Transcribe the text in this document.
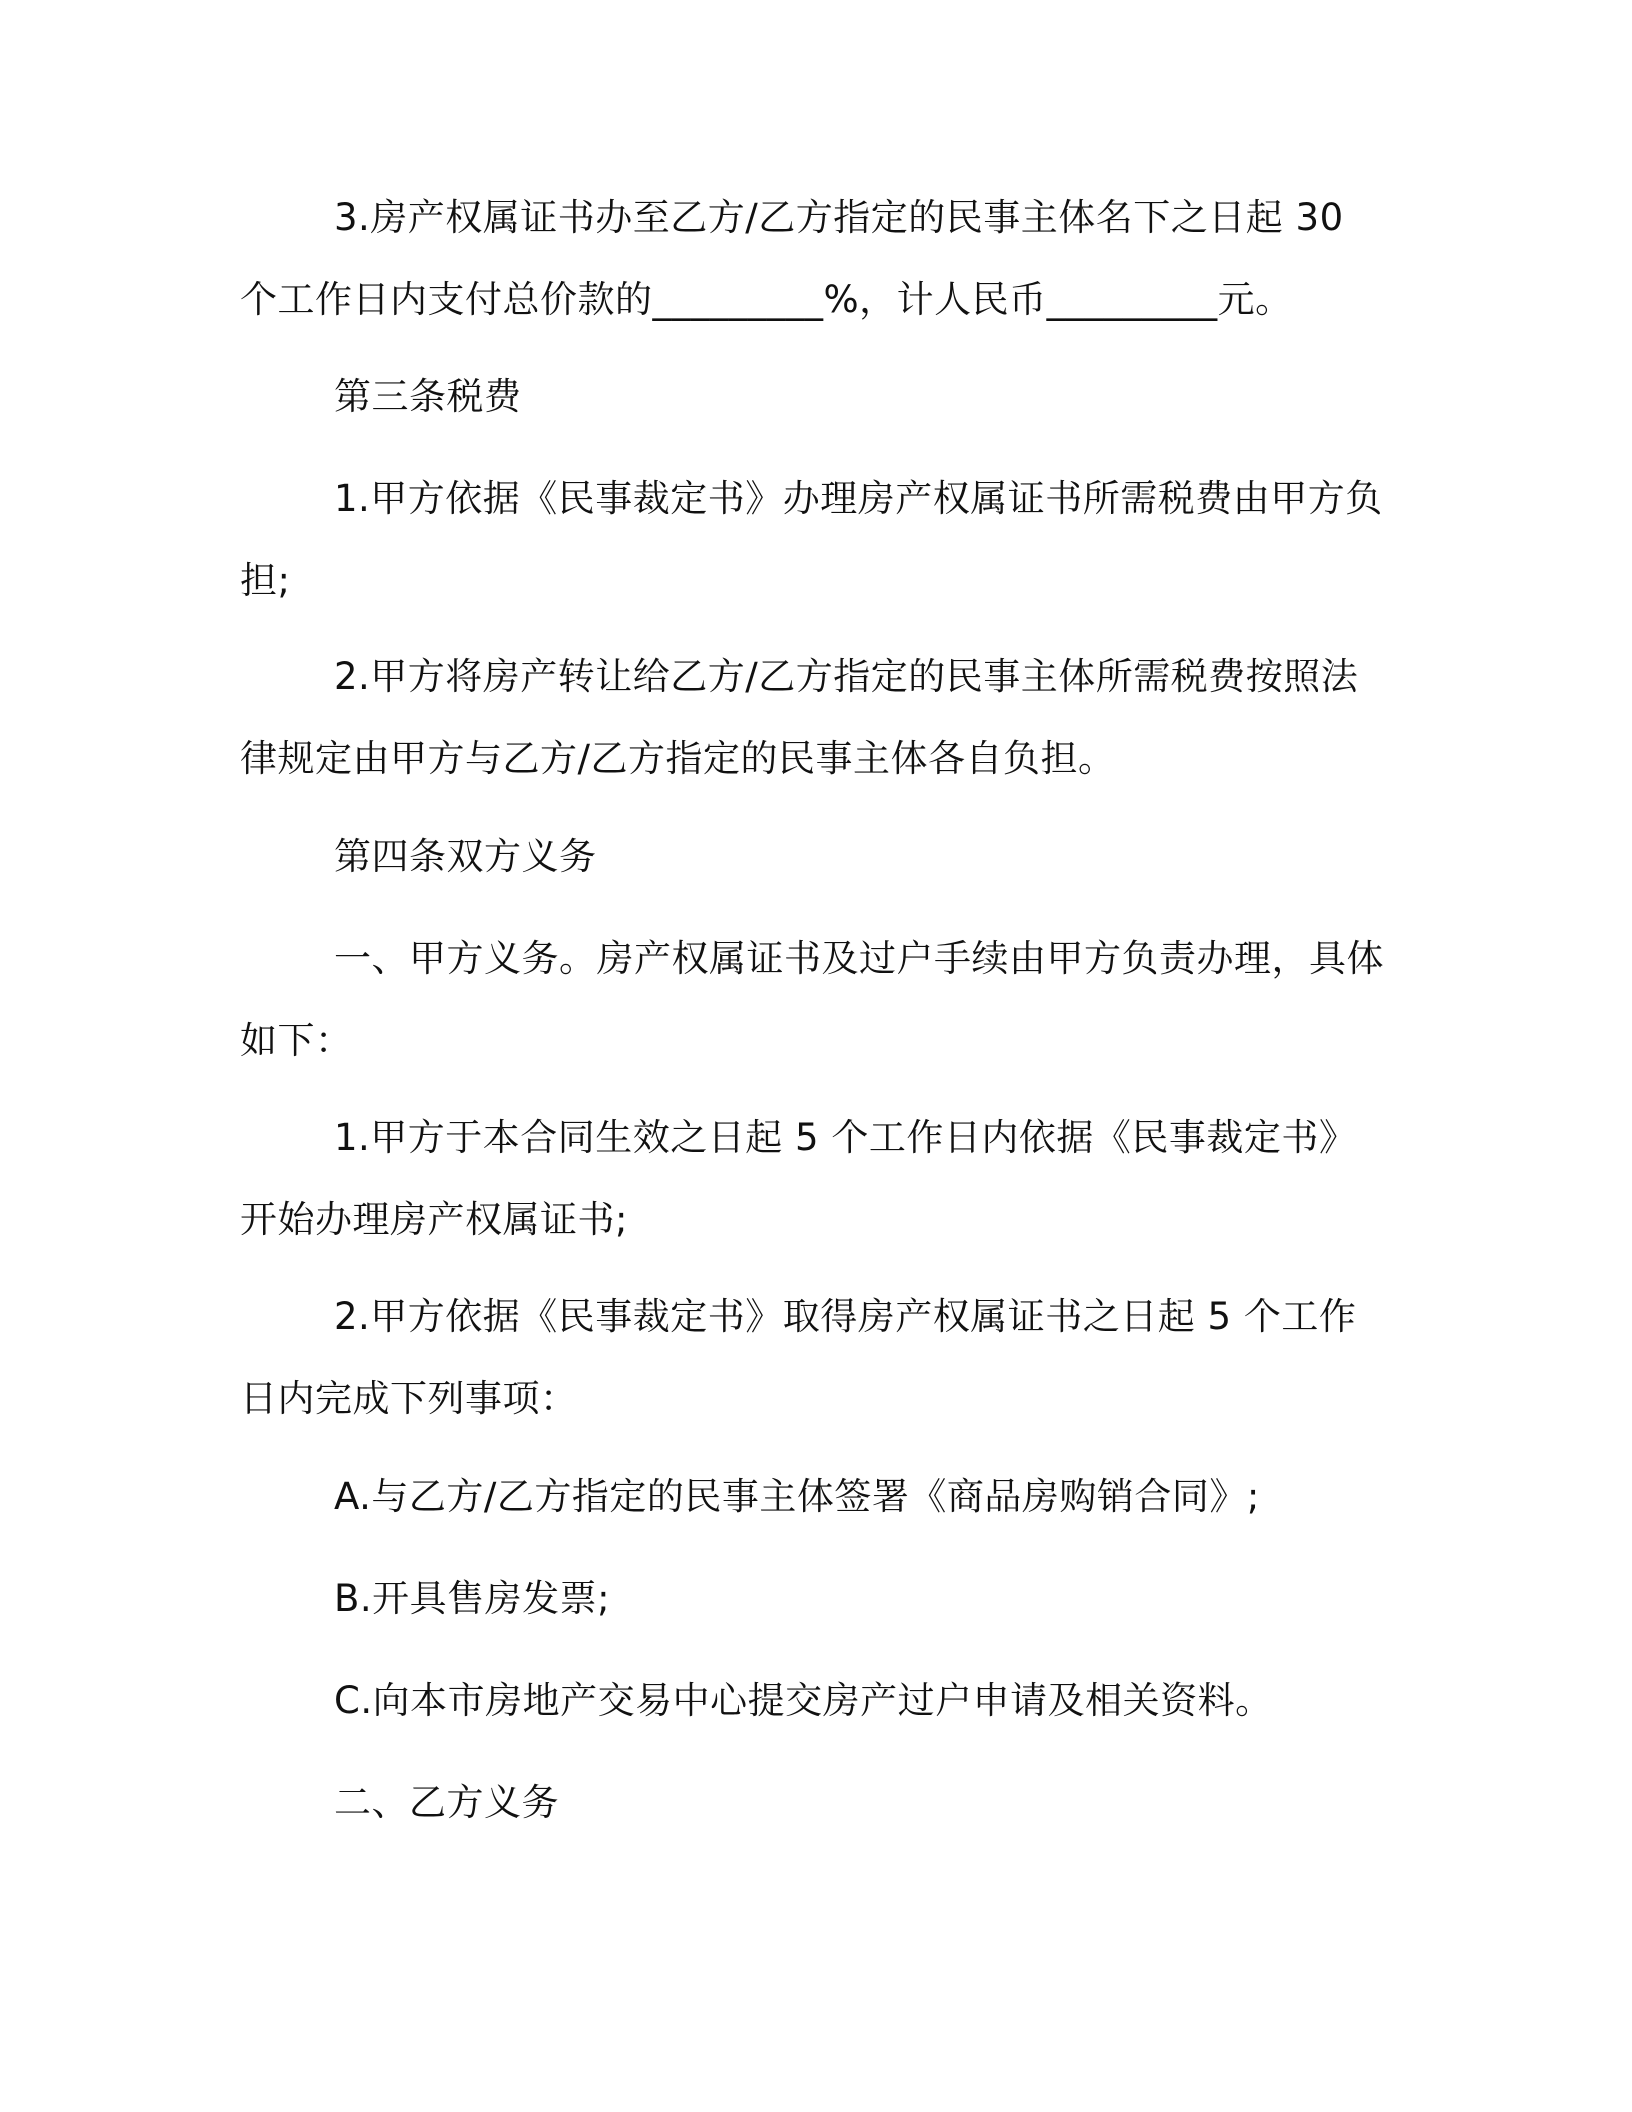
3.房产权属证书办至乙方/乙方指定的民事主体名下之日起 30 个工作日内支付总价款的_________%，计人民币_________元。
第三条税费
1.甲方依据《民事裁定书》办理房产权属证书所需税费由甲方负担;
2.甲方将房产转让给乙方/乙方指定的民事主体所需税费按照法律规定由甲方与乙方/乙方指定的民事主体各自负担。
第四条双方义务
一、甲方义务。房产权属证书及过户手续由甲方负责办理，具体如下：
1.甲方于本合同生效之日起 5 个工作日内依据《民事裁定书》开始办理房产权属证书;
2.甲方依据《民事裁定书》取得房产权属证书之日起 5 个工作日内完成下列事项：
A.与乙方/乙方指定的民事主体签署《商品房购销合同》;
B.开具售房发票;
C.向本市房地产交易中心提交房产过户申请及相关资料。
二、乙方义务
